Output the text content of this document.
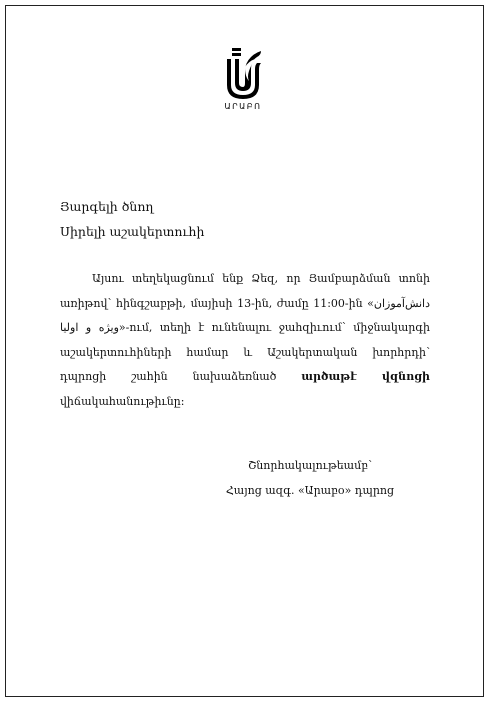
ԱՐԱԲՈ
Յարգելի ծնող
Սիրելի աշակերտուհի
Այսու տեղեկացնում ենք Ձեզ, որ Յամբարձման տոնի առիթով՝ հինգշաբթի, մայիսի 13-ին, ժամը 11:00-ին «دانش‌آموزان ویژه و اولیا»-ում, տեղի է ունենալու ջահզիւում՝ միջնակարգի աշակերտուհիների համար և Աշակերտական խորհրդի՝ դպրոցի շահին նախաձեռնած արծաթէ վզնոցի վիճակահանութիւնը։
Շնորհակալութեամբ՝
Հայոց ազգ. «Արաբօ» դպրոց
